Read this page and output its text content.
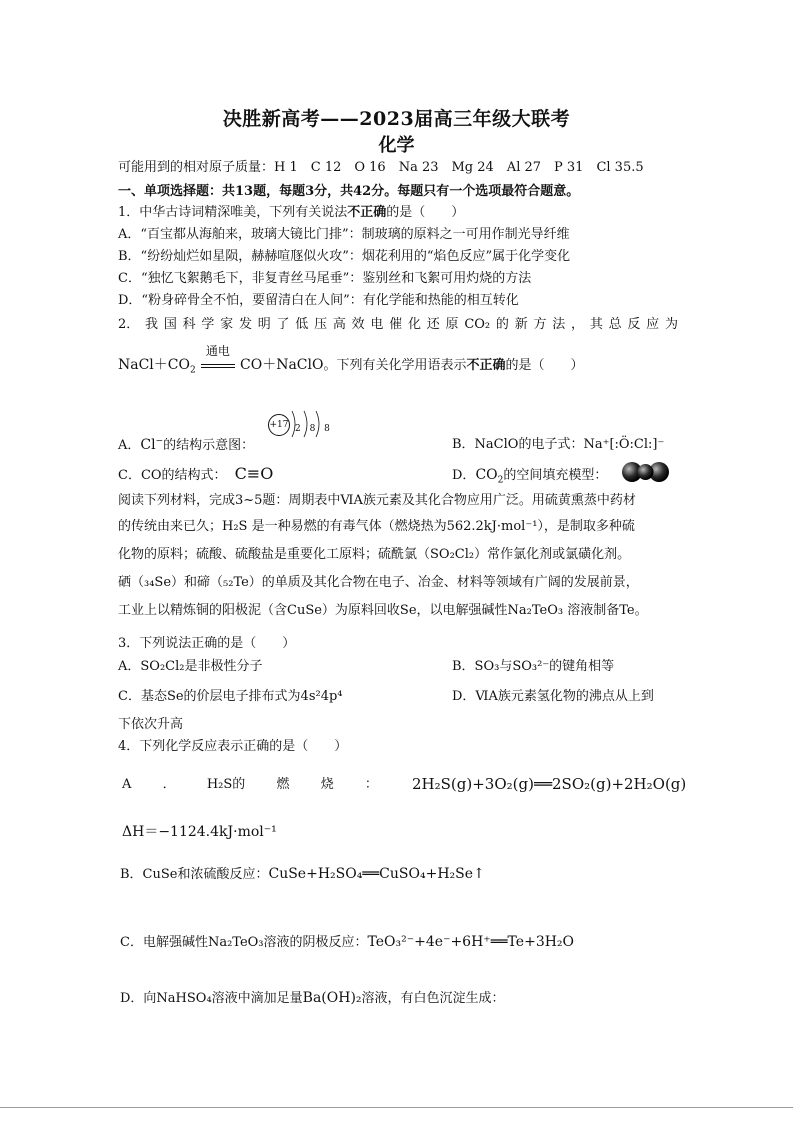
决胜新高考——2023届高三年级大联考
化学
可能用到的相对原子质量：H 1　C 12　O 16　Na 23　Mg 24　Al 27　P 31　Cl 35.5
一、单项选择题：共13题，每题3分，共42分。每题只有一个选项最符合题意。
1．中华古诗词精深唯美，下列有关说法不正确的是（　　）
A．“百宝都从海舶来，玻璃大镜比门排”：制玻璃的原料之一可用作制光导纤维
B．“纷纷灿烂如星陨，赫赫喧豗似火攻”：烟花利用的“焰色反应”属于化学变化
C．“独忆飞絮鹅毛下，非复青丝马尾垂”：鉴别丝和飞絮可用灼烧的方法
D．“粉身碎骨全不怕，要留清白在人间”：有化学能和热能的相互转化
2． 我 国 科 学 家 发 明 了 低 压 高 效 电 催 化 还 原 CO₂ 的 新 方 法 ， 其 总 反 应 为
$NaCl+CO_2$
通电
CO＋NaClO。下列有关化学用语表示不正确的是（　　）
A．Cl−的结构示意图：
+17 2 8 8
B．NaClO的电子式：Na⁺[:Ö:Cl:]⁻
C．CO的结构式： C≡O	D．$CO_2$的空间填充模型：
阅读下列材料，完成3~5题：周期表中ⅥA族元素及其化合物应用广泛。用硫黄熏蒸中药材
的传统由来已久；H₂S 是一种易燃的有毒气体（燃烧热为562.2kJ·mol⁻¹），是制取多种硫
化物的原料；硫酸、硫酸盐是重要化工原料；硫酰氯（SO₂Cl₂）常作氯化剂或氯磺化剂。
硒（₃₄Se）和碲（₅₂Te）的单质及其化合物在电子、冶金、材料等领域有广阔的发展前景，
工业上以精炼铜的阳极泥（含CuSe）为原料回收Se，以电解强碱性Na₂TeO₃ 溶液制备Te。
3．下列说法正确的是（　　）
A．SO₂Cl₂是非极性分子	B．SO₃与SO₃²⁻的键角相等
C．基态Se的价层电子排布式为4s²4p⁴	D．ⅥA族元素氢化物的沸点从上到
下依次升高
4．下列化学反应表示正确的是（　　）
A ． H₂S的 燃 烧 ： 2H₂S(g)+3O₂(g)══2SO₂(g)+2H₂O(g)
ΔH＝−1124.4kJ·mol⁻¹
B．CuSe和浓硫酸反应：CuSe+H₂SO₄══CuSO₄+H₂Se↑
C．电解强碱性Na₂TeO₃溶液的阴极反应：TeO₃²⁻+4e⁻+6H⁺══Te+3H₂O
D．向NaHSO₄溶液中滴加足量Ba(OH)₂溶液，有白色沉淀生成：
